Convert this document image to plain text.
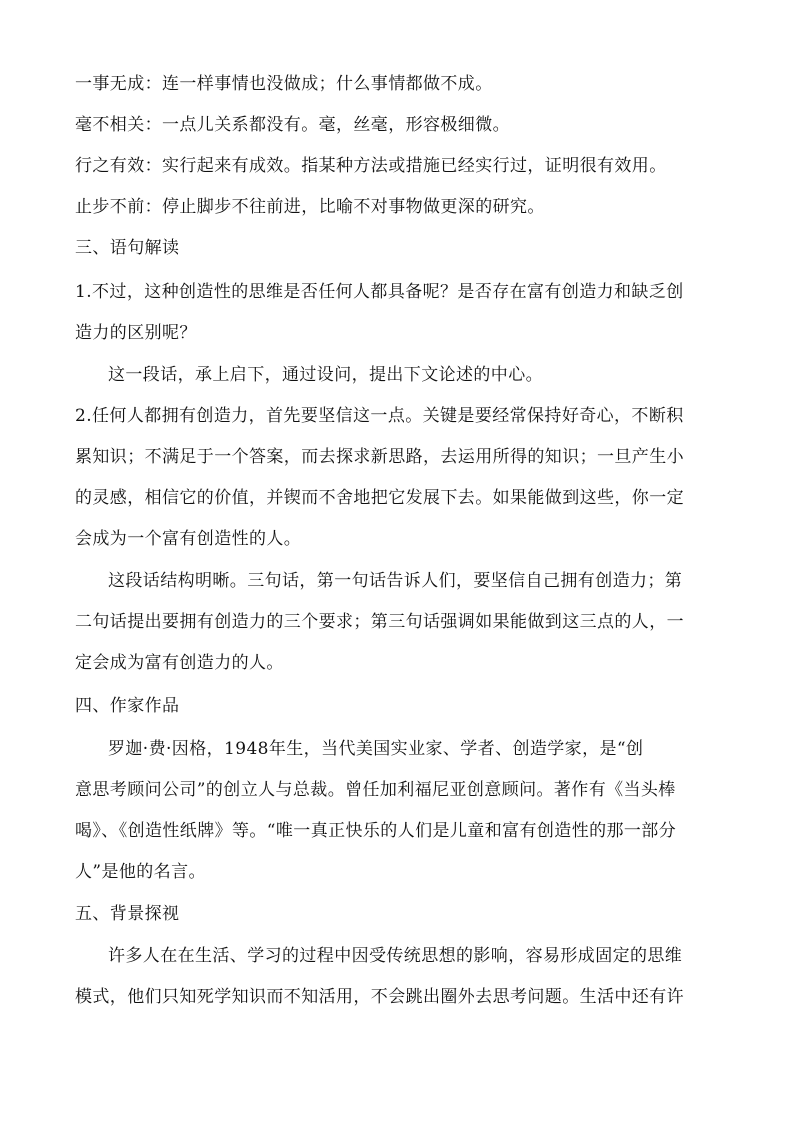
一事无成：连一样事情也没做成；什么事情都做不成。
毫不相关：一点儿关系都没有。毫，丝毫，形容极细微。
行之有效：实行起来有成效。指某种方法或措施已经实行过，证明很有效用。
止步不前：停止脚步不往前进，比喻不对事物做更深的研究。
三、语句解读
1.不过，这种创造性的思维是否任何人都具备呢？是否存在富有创造力和缺乏创
造力的区别呢？
这一段话，承上启下，通过设问，提出下文论述的中心。
2.任何人都拥有创造力，首先要坚信这一点。关键是要经常保持好奇心，不断积
累知识；不满足于一个答案，而去探求新思路，去运用所得的知识；一旦产生小
的灵感，相信它的价值，并锲而不舍地把它发展下去。如果能做到这些，你一定
会成为一个富有创造性的人。
这段话结构明晰。三句话，第一句话告诉人们，要坚信自己拥有创造力；第
二句话提出要拥有创造力的三个要求；第三句话强调如果能做到这三点的人，一
定会成为富有创造力的人。
四、作家作品
罗迦·费·因格，1948年生，当代美国实业家、学者、创造学家，是“创
意思考顾问公司”的创立人与总裁。曾任加利福尼亚创意顾问。著作有《当头棒
喝》、《创造性纸牌》等。“唯一真正快乐的人们是儿童和富有创造性的那一部分
人”是他的名言。
五、背景探视
许多人在在生活、学习的过程中因受传统思想的影响，容易形成固定的思维
模式，他们只知死学知识而不知活用，不会跳出圈外去思考问题。生活中还有许
